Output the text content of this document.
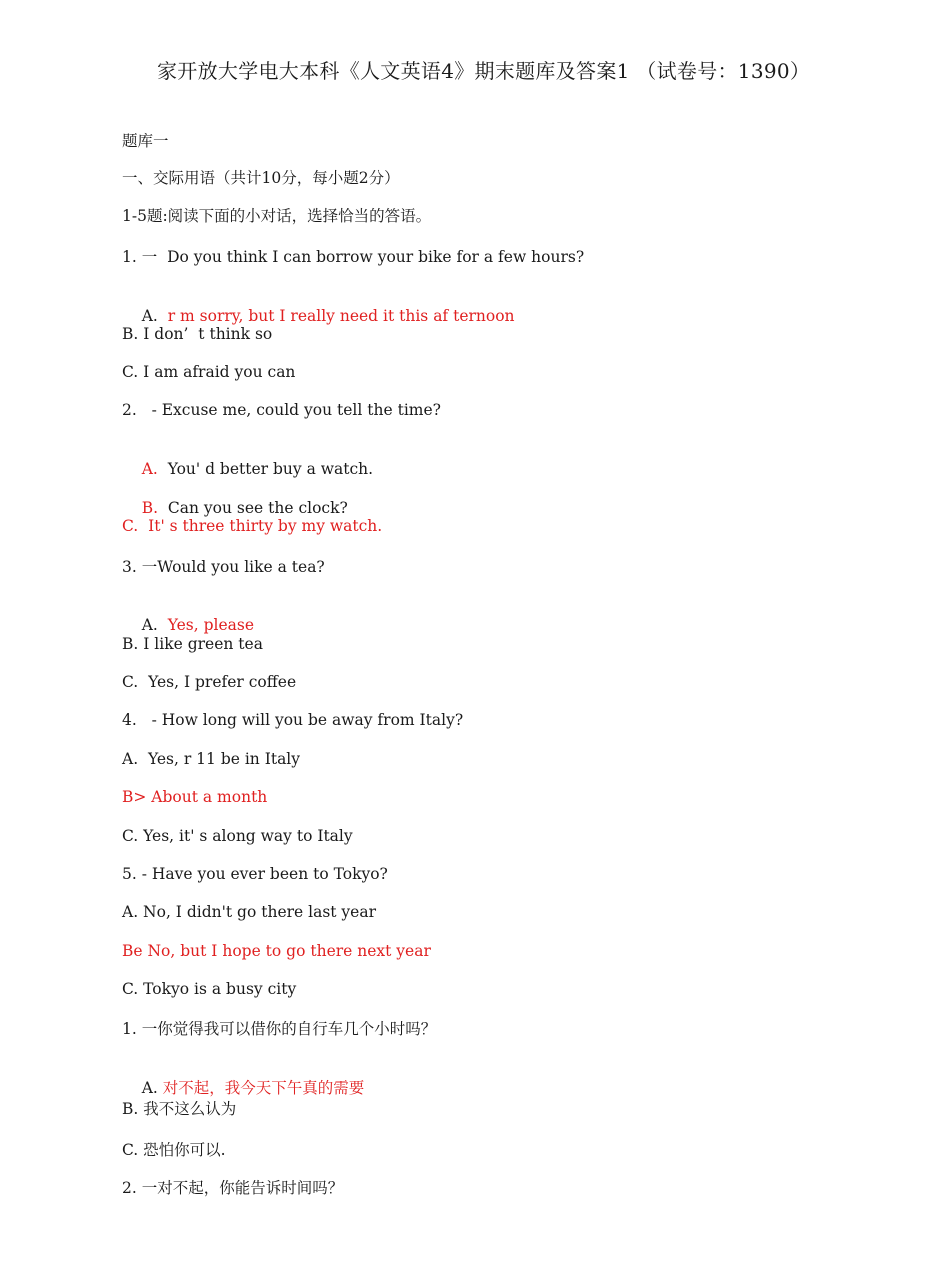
家开放大学电大本科《人文英语4》期末题库及答案1 （试卷号：1390）
题库一
一、交际用语（共计10分，每小题2分）
1-5题:阅读下面的小对话，选择恰当的答语。
1. 一  Do you think I can borrow your bike for a few hours?

A.  r m sorry, but I really need it this af ternoon

B. I don’  t think so
C. I am afraid you can
2.   - Excuse me, could you tell the time?

A.  You' d better buy a watch.

B.  Can you see the clock?

C.  It' s three thirty by my watch.
3. 一Would you like a tea?

A.  Yes, please

B. I like green tea
C.  Yes, I prefer coffee
4.   - How long will you be away from Italy?
A.  Yes, r 11 be in Italy
B> About a month
C. Yes, it' s along way to Italy
5. - Have you ever been to Tokyo?
A. No, I didn't go there last year
Be No, but I hope to go there next year
C. Tokyo is a busy city
1. 一你觉得我可以借你的自行车几个小时吗？

A. 对不起，我今天下午真的需要

B. 我不这么认为
C. 恐怕你可以.
2. 一对不起，你能告诉时间吗？
